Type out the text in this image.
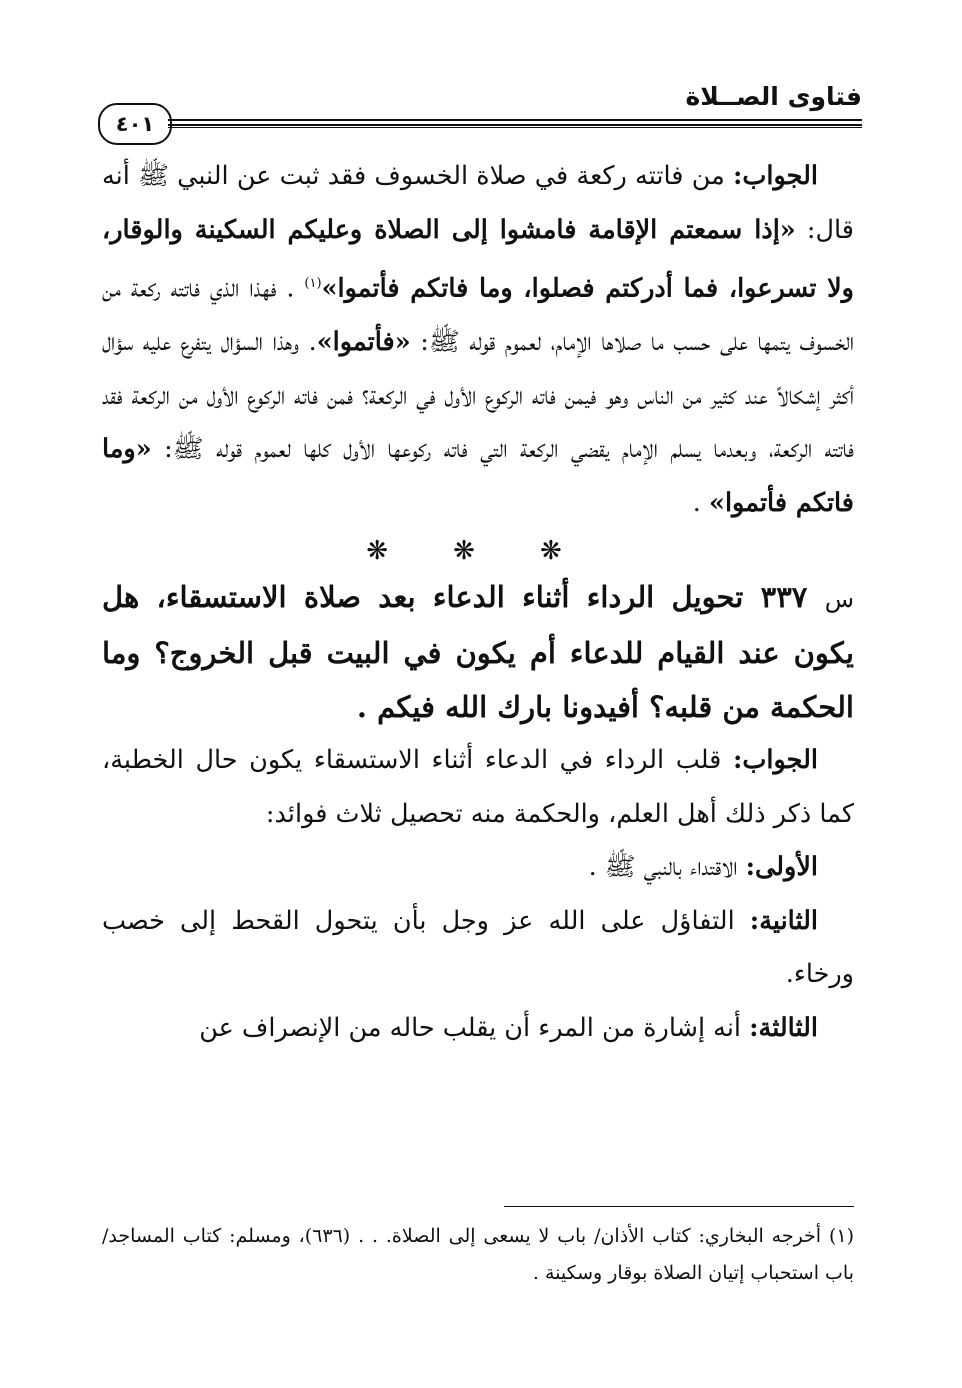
فتاوى الصــلاة
٤٠١

الجواب: من فاتته ركعة في صلاة الخسوف فقد ثبت عن النبي ﷺ أنه قال: «إذا سمعتم الإقامة فامشوا إلى الصلاة وعليكم السكينة والوقار، ولا تسرعوا، فما أدركتم فصلوا، وما فاتكم فأتموا»$^{(١)}$ . فهذا الذي فاتته ركعة من الخسوف يتمها على حسب ما صلاها الإمام، لعموم قوله ﷺ: «فأتموا». وهذا السؤال يتفرع عليه سؤال أكثر إشكالاً عند كثير من الناس وهو فيمن فاته الركوع الأول في الركعة؟ فمن فاته الركوع الأول من الركعة فقد فاتته الركعة، وبعدما يسلم الإمام يقضي الركعة التي فاته ركوعها الأول كلها لعموم قوله ﷺ: «وما فاتكم فأتموا» .

❋ ❋ ❋

س ٣٣٧ تحويل الرداء أثناء الدعاء بعد صلاة الاستسقاء، هل يكون عند القيام للدعاء أم يكون في البيت قبل الخروج؟ وما الحكمة من قلبه؟ أفيدونا بارك الله فيكم .

الجواب: قلب الرداء في الدعاء أثناء الاستسقاء يكون حال الخطبة، كما ذكر ذلك أهل العلم، والحكمة منه تحصيل ثلاث فوائد:

الأولى: الاقتداء بالنبي ﷺ .

الثانية: التفاؤل على الله عز وجل بأن يتحول القحط إلى خصب ورخاء.

الثالثة: أنه إشارة من المرء أن يقلب حاله من الإنصراف عن

(١) أخرجه البخاري: كتاب الأذان/ باب لا يسعى إلى الصلاة. . . (٦٣٦)، ومسلم: كتاب المساجد/ باب استحباب إتيان الصلاة بوقار وسكينة .
